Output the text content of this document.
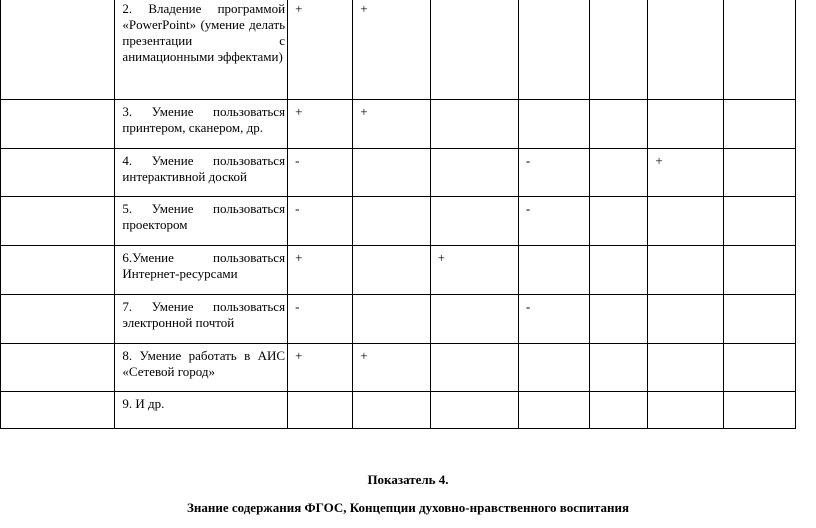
	2. Владение программой «PowerPoint» (умение делать презентации с анимационными эффектами)	+	+					
	3. Умение пользоваться принтером, сканером, др.	+	+					
	4. Умение пользоваться интерактивной доской	-			-		+	
	5. Умение пользоваться проектором	-			-			
	6.Умение пользоваться Интернет-ресурсами	+		+				
	7. Умение пользоваться электронной почтой	-			-			
	8. Умение работать в АИС «Сетевой город»	+	+					
	9. И др.							
Показатель 4.
Знание содержания ФГОС, Концепции духовно-нравственного воспитания
